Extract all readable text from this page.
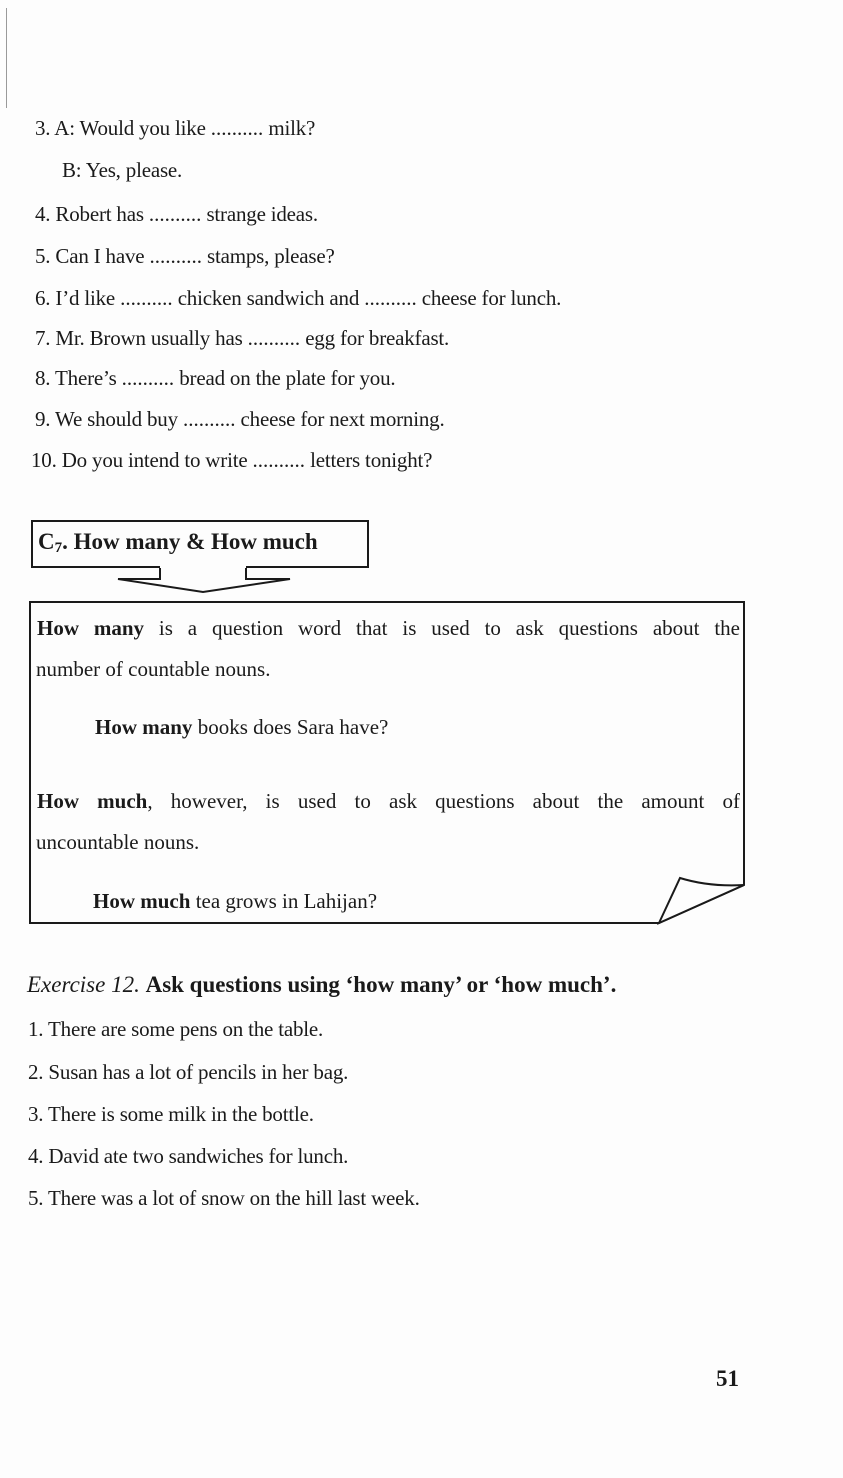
3. A: Would you like .......... milk?
B: Yes, please.
4. Robert has .......... strange ideas.
5. Can I have .......... stamps, please?
6. I’d like .......... chicken sandwich and .......... cheese for lunch.
7. Mr. Brown usually has .......... egg for breakfast.
8. There’s .......... bread on the plate for you.
9. We should buy .......... cheese for next morning.
10. Do you intend to write .......... letters tonight?
$C_7$. How many & How much
How many is a question word that is used to ask questions about the
number of countable nouns.
How many books does Sara have?
How much, however, is used to ask questions about the amount of
uncountable nouns.
How much tea grows in Lahijan?
Exercise 12. Ask questions using ‘how many’ or ‘how much’.
1. There are some pens on the table.
2. Susan has a lot of pencils in her bag.
3. There is some milk in the bottle.
4. David ate two sandwiches for lunch.
5. There was a lot of snow on the hill last week.
51
